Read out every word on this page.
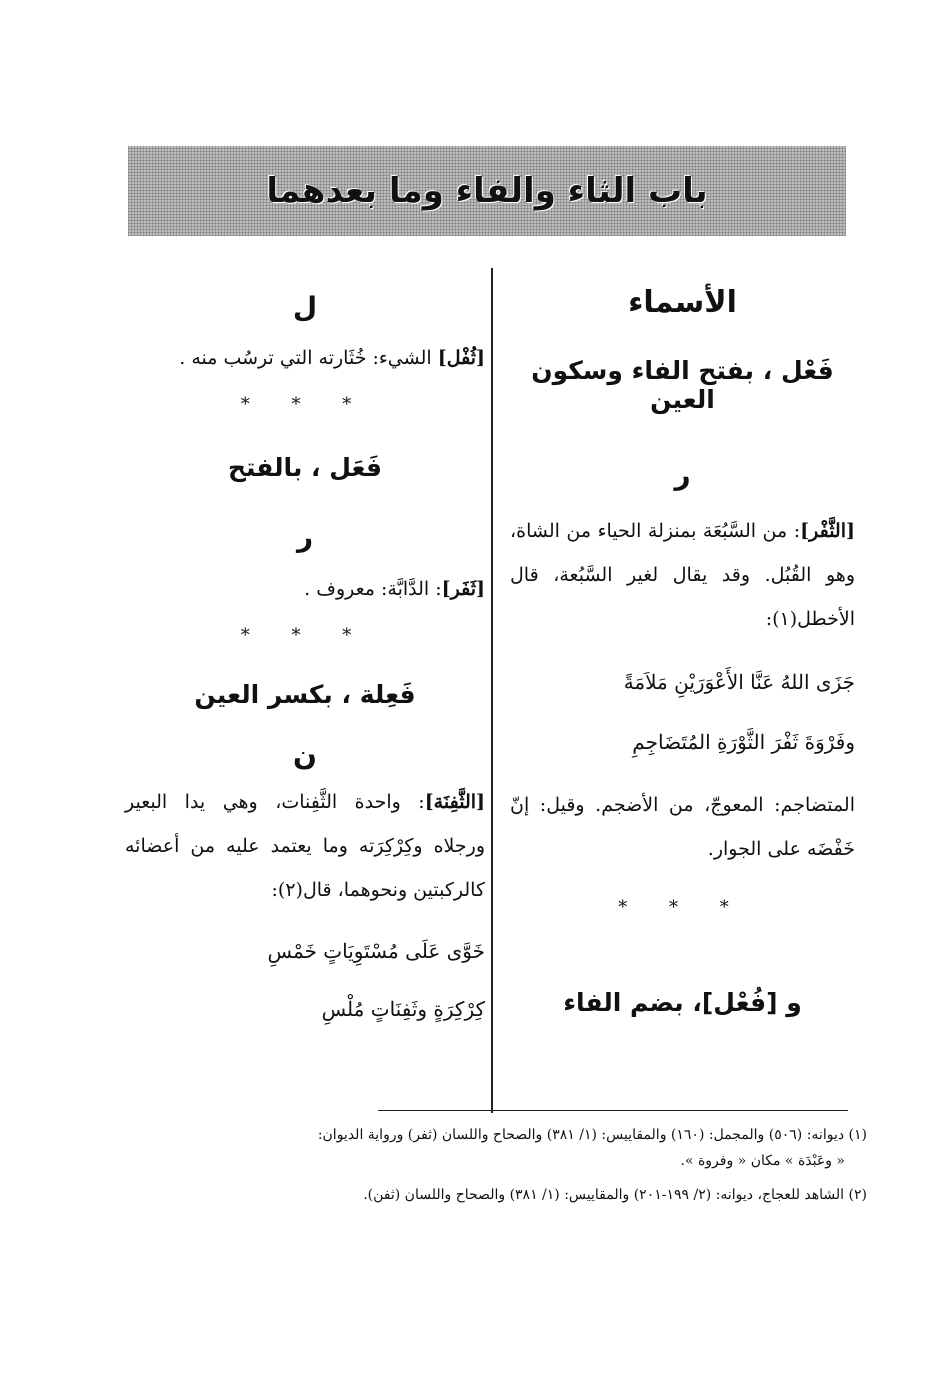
باب الثاء والفاء وما بعدهما

الأسماء

فَعْل ، بفتح الفاء وسكون العين

ر

[الثَّفْر]: من السَّبُعَة بمنزلة الحياء من الشاة، وهو القُبُل. وقد يقال لغير السَّبُعة، قال الأخطل(١):

جَزَى اللهُ عَنَّا الأَعْوَرَيْنِ مَلاَمَةً

وفَرْوَةَ ثَفْرَ الثَّوْرَةِ المُتَضَاجِمِ

المتضاجم: المعوجّ، من الأضجم. وقيل: إنّ خَفْضَه على الجوار.

* * *

و [فُعْل]، بضم الفاء

ل

[ثُفْل] الشيء: خُثَارته التي ترسُب منه .

* * *

فَعَل ، بالفتح

ر

[ثَفَر]: الدَّابَّة: معروف .

* * *

فَعِلة ، بكسر العين

ن

[الثَّفِنَة]: واحدة الثَّفِنات، وهي يدا البعير ورجلاه وكِرْكِرَته وما يعتمد عليه من أعضائه كالركبتين ونحوهما، قال(٢):

خَوَّى عَلَى مُسْتَوِيَاتٍ خَمْسِ

كِرْكِرَةٍ وثَفِنَاتٍ مُلْسِ

(١) ديوانه: (٥٠٦) والمجمل: (١٦٠) والمقاييس: (١/ ٣٨١) والصحاح واللسان (ثفر) ورواية الديوان:

« وعَبْدَة » مكان « وفروة ».

(٢) الشاهد للعجاج، ديوانه: (٢/ ١٩٩-٢٠١) والمقاييس: (١/ ٣٨١) والصحاح واللسان (ثفن).
